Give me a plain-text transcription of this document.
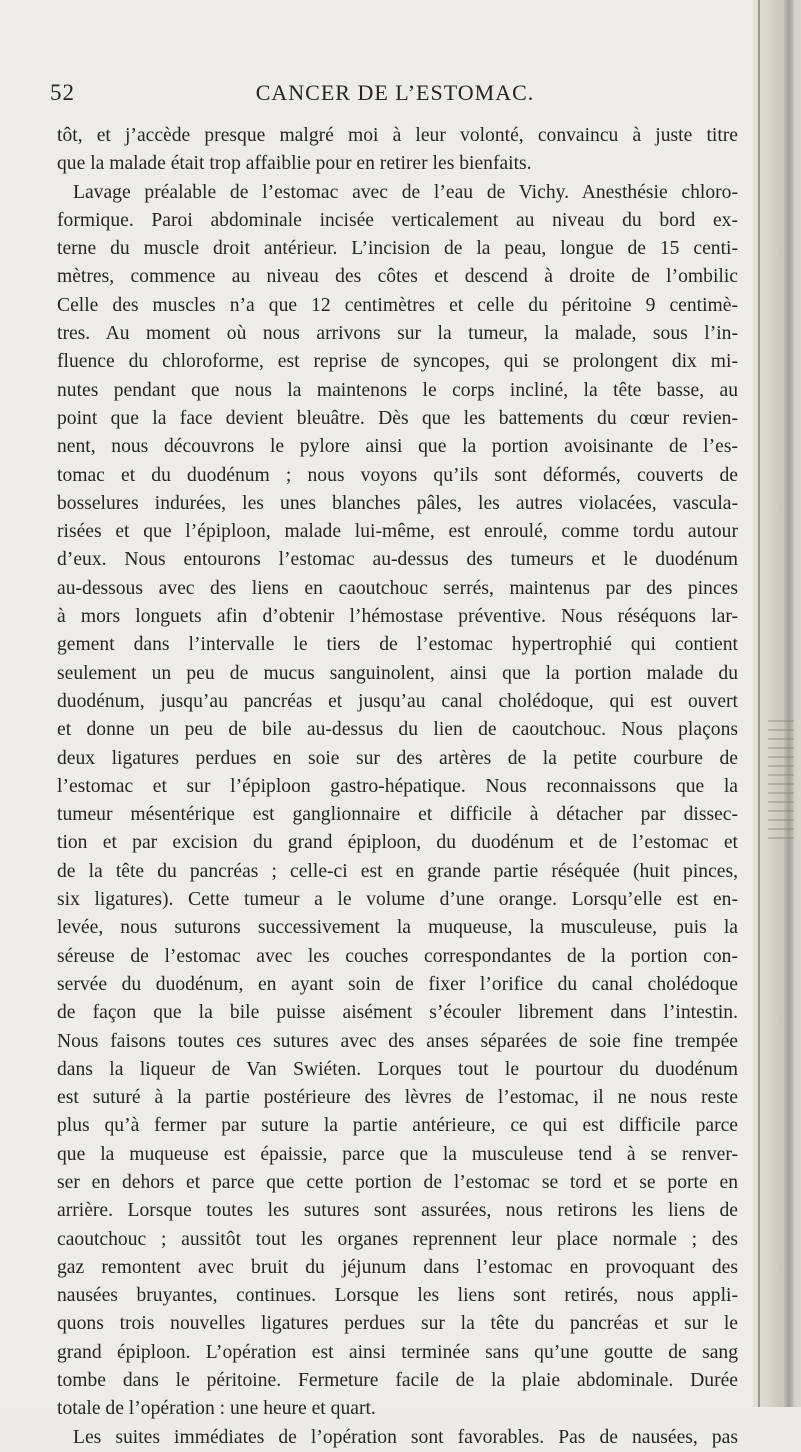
52	CANCER DE L’ESTOMAC.
tôt, et j’accède presque malgré moi à leur volonté, convaincu à juste titre
que la malade était trop affaiblie pour en retirer les bienfaits.
Lavage préalable de l’estomac avec de l’eau de Vichy. Anesthésie chloro-
formique. Paroi abdominale incisée verticalement au niveau du bord ex-
terne du muscle droit antérieur. L’incision de la peau, longue de 15 centi-
mètres, commence au niveau des côtes et descend à droite de l’ombilic
Celle des muscles n’a que 12 centimètres et celle du péritoine 9 centimè-
tres. Au moment où nous arrivons sur la tumeur, la malade, sous l’in-
fluence du chloroforme, est reprise de syncopes, qui se prolongent dix mi-
nutes pendant que nous la maintenons le corps incliné, la tête basse, au
point que la face devient bleuâtre. Dès que les battements du cœur revien-
nent, nous découvrons le pylore ainsi que la portion avoisinante de l’es-
tomac et du duodénum ; nous voyons qu’ils sont déformés, couverts de
bosselures indurées, les unes blanches pâles, les autres violacées, vascula-
risées et que l’épiploon, malade lui-même, est enroulé, comme tordu autour
d’eux. Nous entourons l’estomac au-dessus des tumeurs et le duodénum
au-dessous avec des liens en caoutchouc serrés, maintenus par des pinces
à mors longuets afin d’obtenir l’hémostase préventive. Nous réséquons lar-
gement dans l’intervalle le tiers de l’estomac hypertrophié qui contient
seulement un peu de mucus sanguinolent, ainsi que la portion malade du
duodénum, jusqu’au pancréas et jusqu’au canal cholédoque, qui est ouvert
et donne un peu de bile au-dessus du lien de caoutchouc. Nous plaçons
deux ligatures perdues en soie sur des artères de la petite courbure de
l’estomac et sur l’épiploon gastro-hépatique. Nous reconnaissons que la
tumeur mésentérique est ganglionnaire et difficile à détacher par dissec-
tion et par excision du grand épiploon, du duodénum et de l’estomac et
de la tête du pancréas ; celle-ci est en grande partie réséquée (huit pinces,
six ligatures). Cette tumeur a le volume d’une orange. Lorsqu’elle est en-
levée, nous suturons successivement la muqueuse, la musculeuse, puis la
séreuse de l’estomac avec les couches correspondantes de la portion con-
servée du duodénum, en ayant soin de fixer l’orifice du canal cholédoque
de façon que la bile puisse aisément s’écouler librement dans l’intestin.
Nous faisons toutes ces sutures avec des anses séparées de soie fine trempée
dans la liqueur de Van Swiéten. Lorques tout le pourtour du duodénum
est suturé à la partie postérieure des lèvres de l’estomac, il ne nous reste
plus qu’à fermer par suture la partie antérieure, ce qui est difficile parce
que la muqueuse est épaissie, parce que la musculeuse tend à se renver-
ser en dehors et parce que cette portion de l’estomac se tord et se porte en
arrière. Lorsque toutes les sutures sont assurées, nous retirons les liens de
caoutchouc ; aussitôt tout les organes reprennent leur place normale ; des
gaz remontent avec bruit du jéjunum dans l’estomac en provoquant des
nausées bruyantes, continues. Lorsque les liens sont retirés, nous appli-
quons trois nouvelles ligatures perdues sur la tête du pancréas et sur le
grand épiploon. L’opération est ainsi terminée sans qu’une goutte de sang
tombe dans le péritoine. Fermeture facile de la plaie abdominale. Durée
totale de l’opération : une heure et quart.
Les suites immédiates de l’opération sont favorables. Pas de nausées, pas
